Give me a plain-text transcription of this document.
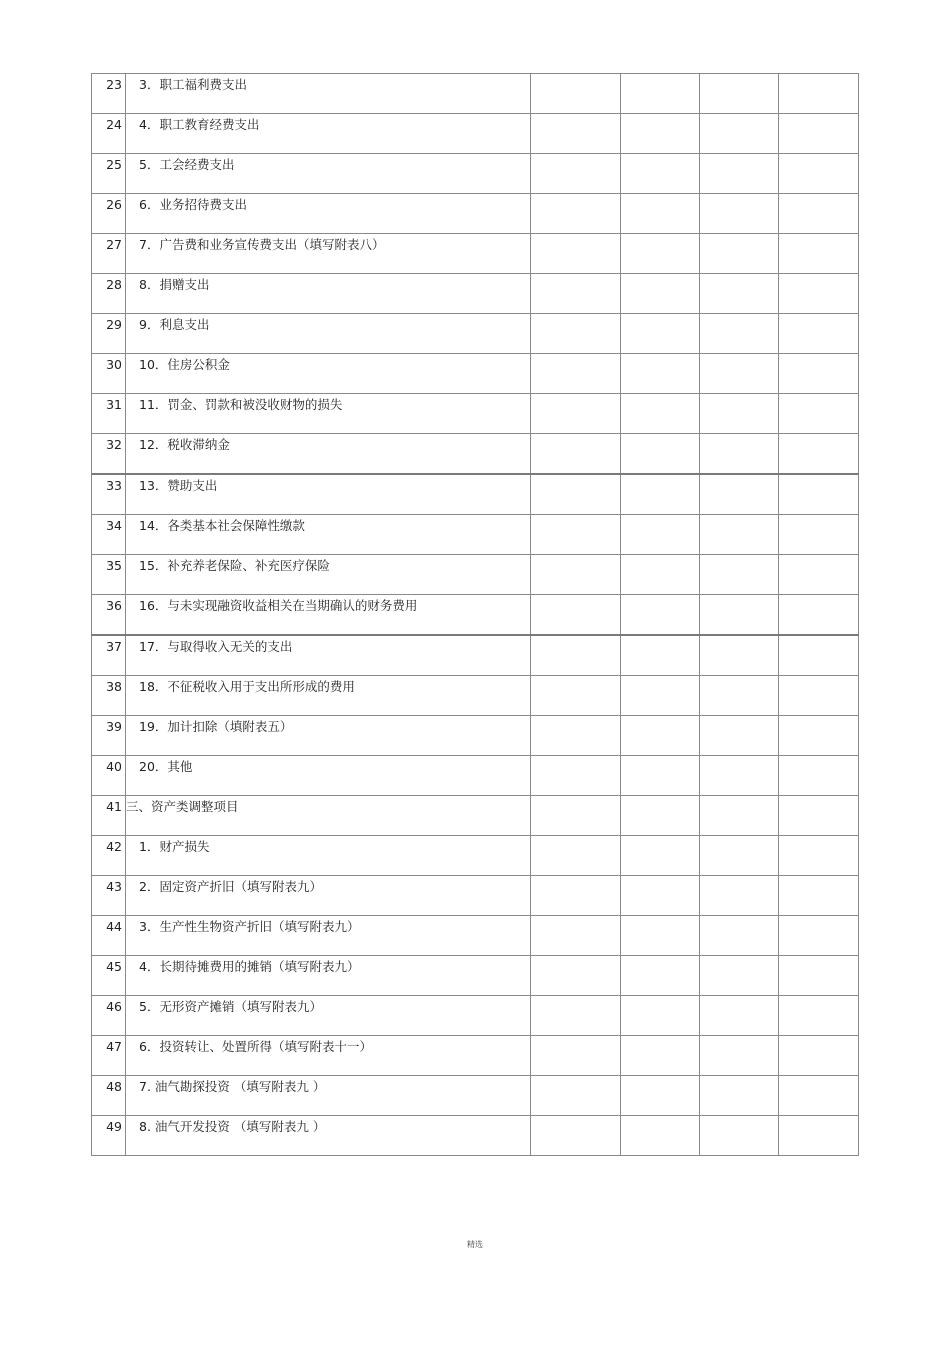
23	3．职工福利费支出				
24	4．职工教育经费支出				
25	5．工会经费支出				
26	6．业务招待费支出				
27	7．广告费和业务宣传费支出（填写附表八）				
28	8．捐赠支出				
29	9．利息支出				
30	10．住房公积金				
31	11．罚金、罚款和被没收财物的损失				
32	12．税收滞纳金				
33	13．赞助支出				
34	14．各类基本社会保障性缴款				
35	15．补充养老保险、补充医疗保险				
36	16．与未实现融资收益相关在当期确认的财务费用				
37	17．与取得收入无关的支出				
38	18．不征税收入用于支出所形成的费用				
39	19．加计扣除（填附表五）				
40	20．其他				
41	三、资产类调整项目				
42	1．财产损失				
43	2．固定资产折旧（填写附表九）				
44	3．生产性生物资产折旧（填写附表九）				
45	4．长期待摊费用的摊销（填写附表九）				
46	5．无形资产摊销（填写附表九）				
47	6．投资转让、处置所得（填写附表十一）				
48	7. 油气勘探投资 （填写附表九 ）				
49	8. 油气开发投资 （填写附表九 ）				
精选
